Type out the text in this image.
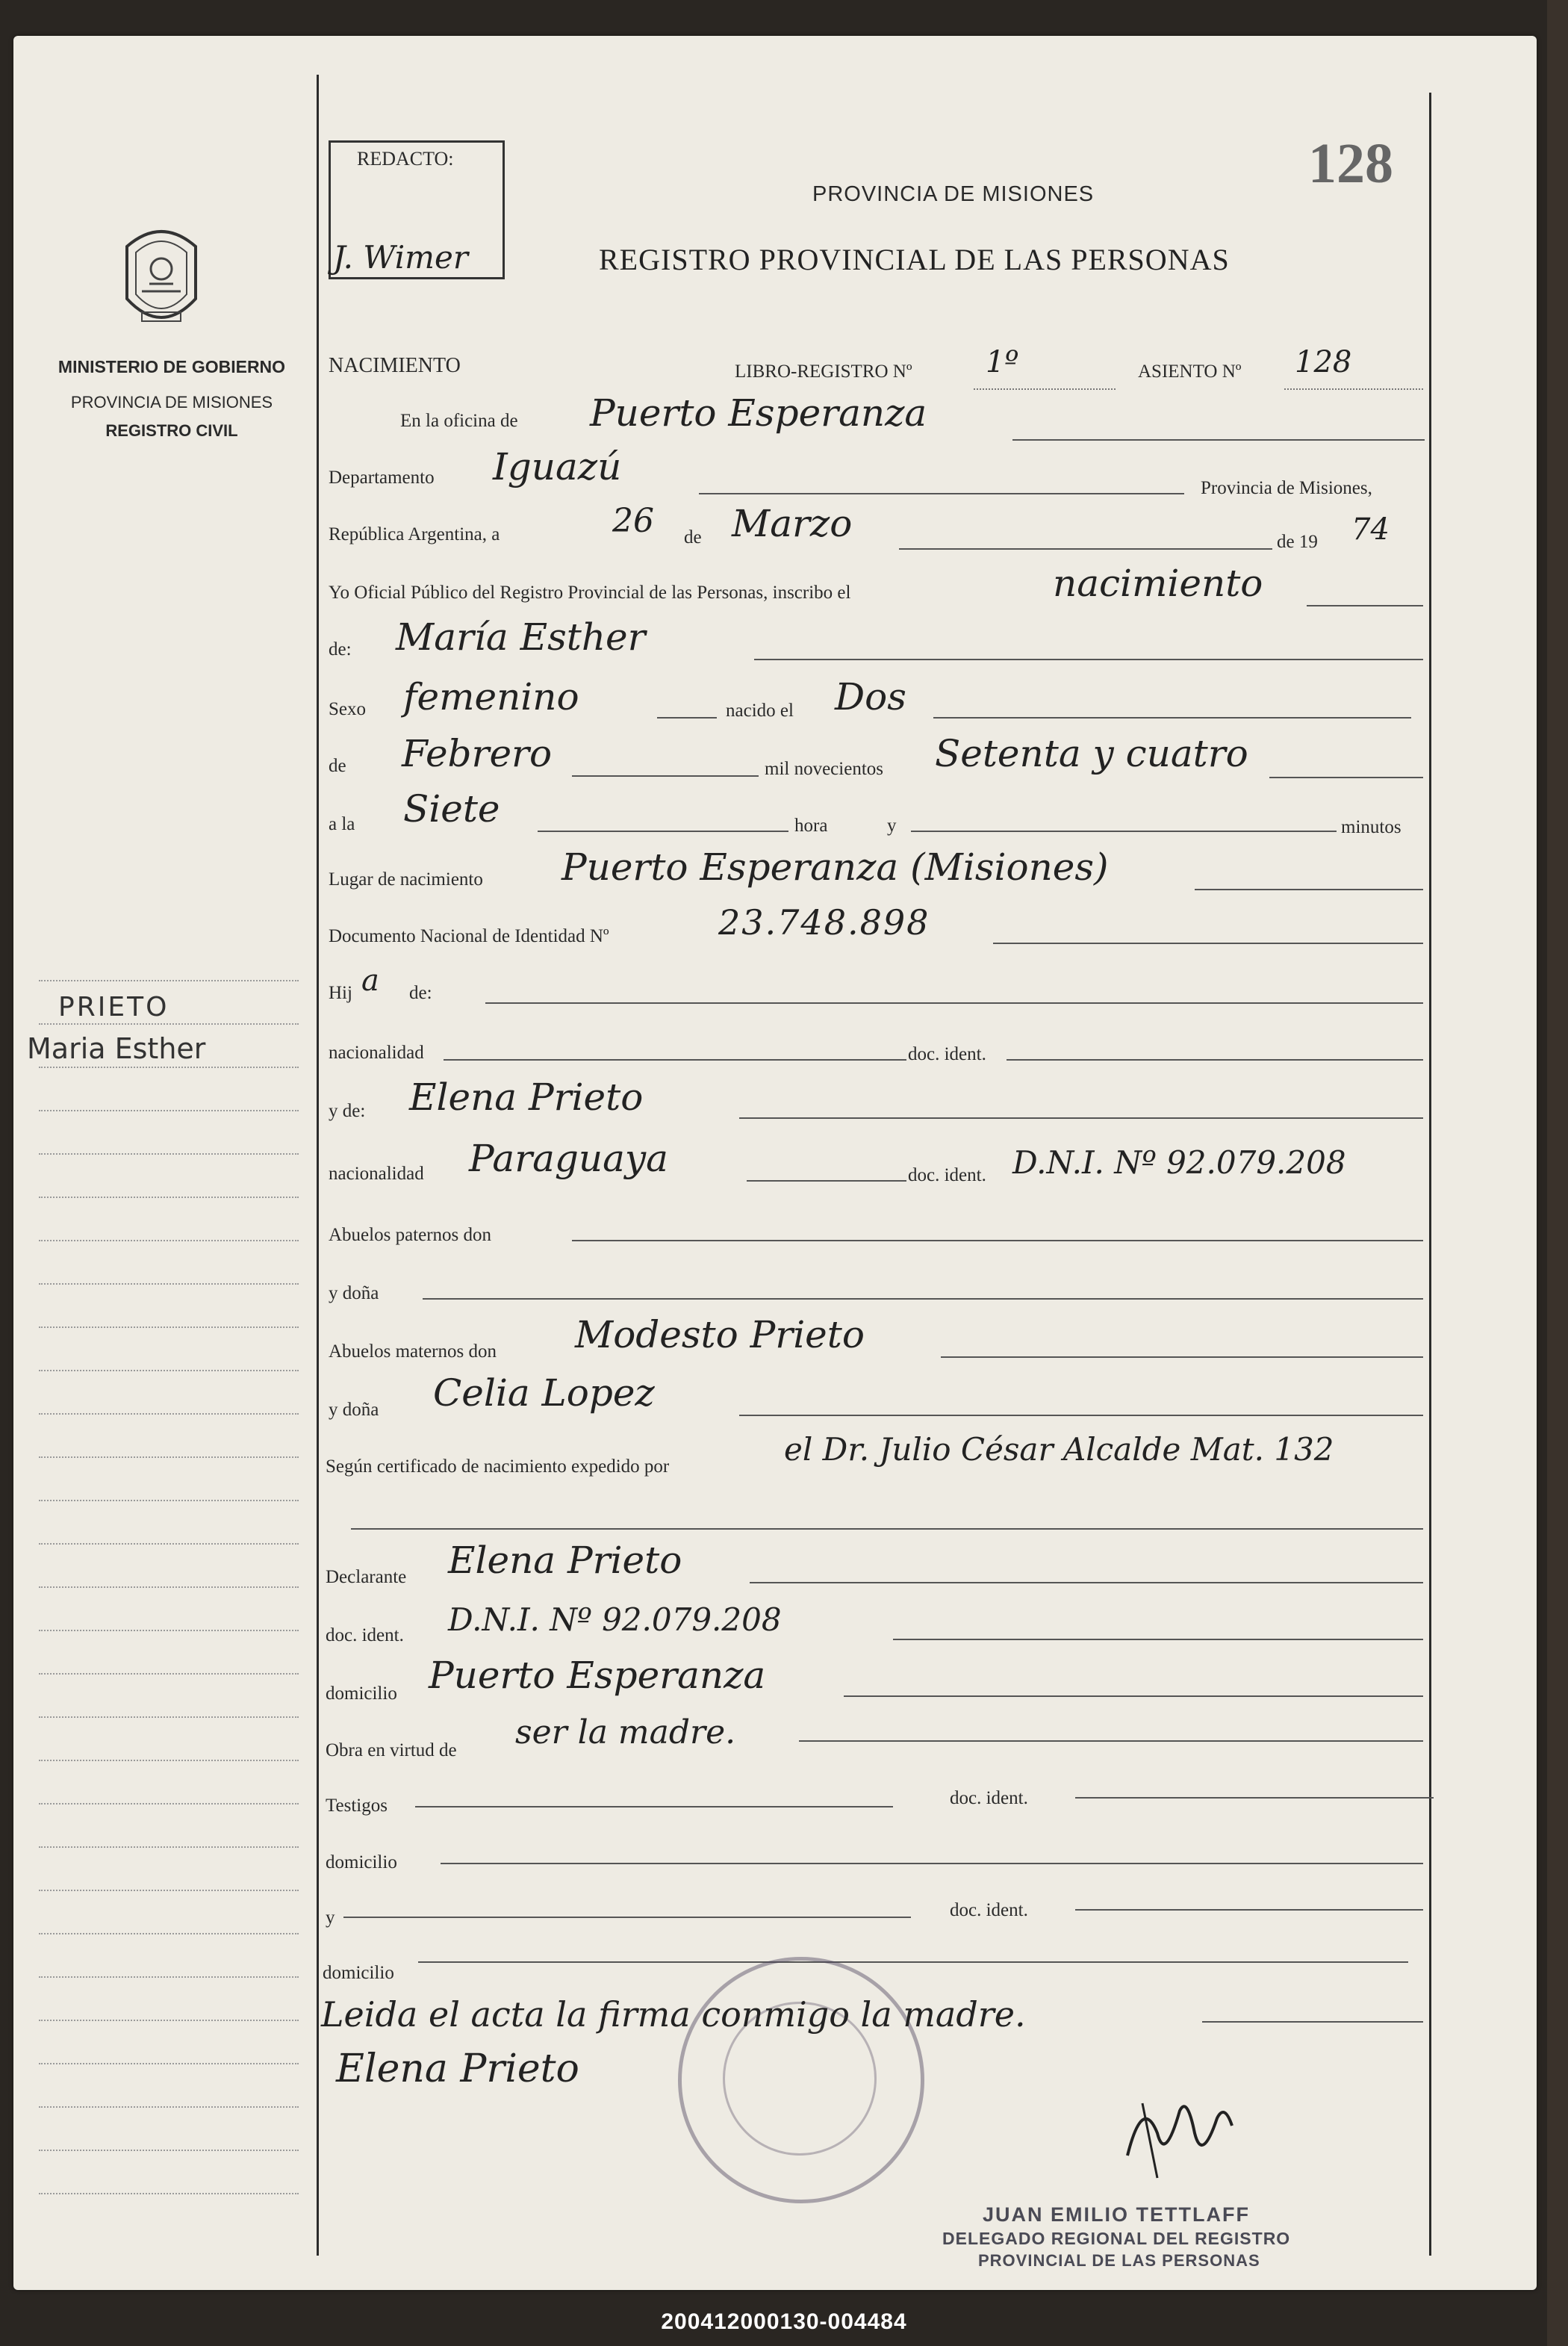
MINISTERIO DE GOBIERNO
PROVINCIA DE MISIONES
REGISTRO CIVIL
PRIETO
Maria Esther
REDACTO:
J. Wimer
128
PROVINCIA DE MISIONES
REGISTRO PROVINCIAL DE LAS PERSONAS
NACIMIENTO	LIBRO-REGISTRO Nº 1º	ASIENTO Nº 128
En la oficina de Puerto Esperanza
Departamento Iguazú	Provincia de Misiones,
República Argentina, a	26 de Marzo	de 19 74
Yo Oficial Público del Registro Provincial de las Personas, inscribo el	nacimiento
de: María Esther
Sexo femenino	nacido el Dos
de Febrero	mil novecientos Setenta y cuatro
a la Siete	hora	y	minutos
Lugar de nacimiento Puerto Esperanza (Misiones)
Documento Nacional de Identidad Nº	23.748.898
Hij a de:
nacionalidad	doc. ident.
y de: Elena Prieto
nacionalidad Paraguaya	doc. ident. D.N.I. Nº 92.079.208
Abuelos paternos don
y doña
Abuelos maternos don Modesto Prieto
y doña Celia Lopez
Según certificado de nacimiento expedido por	el Dr. Julio César Alcalde Mat. 132
Declarante Elena Prieto
doc. ident. D.N.I. Nº 92.079.208
domicilio Puerto Esperanza
Obra en virtud de ser la madre.
Testigos	doc. ident.
domicilio
y	doc. ident.
domicilio
Leida el acta la firma conmigo la madre.
Elena Prieto
JUAN EMILIO TETTLAFF
DELEGADO REGIONAL DEL REGISTRO
PROVINCIAL DE LAS PERSONAS
200412000130-004484
